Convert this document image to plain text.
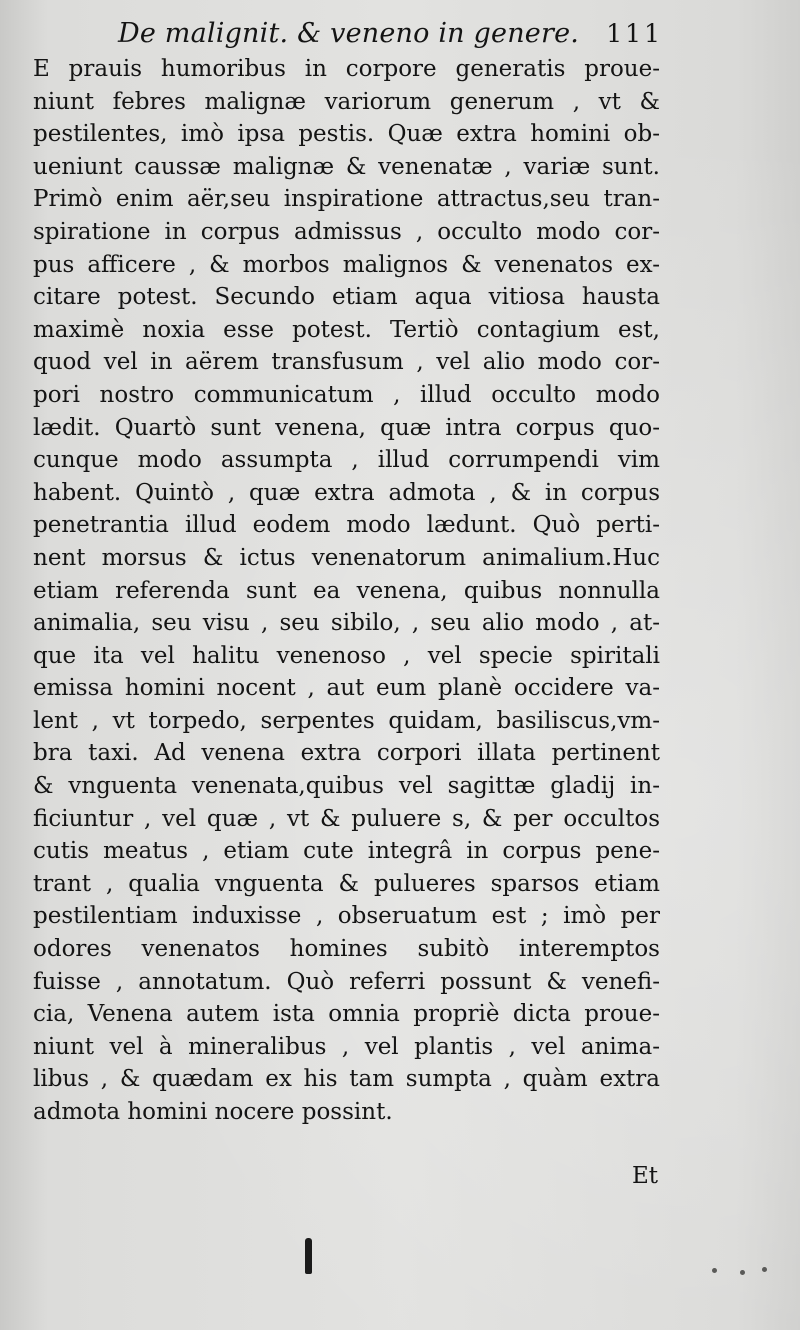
De malignit. & veneno in genere. 111
E prauis humoribus in corpore generatis proue-
niunt febres malignæ variorum generum , vt &
pestilentes, imò ipsa pestis. Quæ extra homini ob-
ueniunt caussæ malignæ & venenatæ , variæ sunt.
Primò enim aër,seu inspiratione attractus,seu tran-
spiratione in corpus admissus , occulto modo cor-
pus afficere , & morbos malignos & venenatos ex-
citare potest. Secundo etiam aqua vitiosa hausta
maximè noxia esse potest. Tertiò contagium est,
quod vel in aërem transfusum , vel alio modo cor-
pori nostro communicatum , illud occulto modo
lædit. Quartò sunt venena, quæ intra corpus quo-
cunque modo assumpta , illud corrumpendi vim
habent. Quintò , quæ extra admota , & in corpus
penetrantia illud eodem modo lædunt. Quò perti-
nent morsus & ictus venenatorum animalium.Huc
etiam referenda sunt ea venena, quibus nonnulla
animalia, seu visu , seu sibilo, , seu alio modo , at-
que ita vel halitu venenoso , vel specie spiritali
emissa homini nocent , aut eum planè occidere va-
lent , vt torpedo, serpentes quidam, basiliscus,vm-
bra taxi. Ad venena extra corpori illata pertinent
& vnguenta venenata,quibus vel sagittæ gladij in-
ficiuntur , vel quæ , vt & puluere s, & per occultos
cutis meatus , etiam cute integrâ in corpus pene-
trant , qualia vnguenta & pulueres sparsos etiam
pestilentiam induxisse , obseruatum est ; imò per
odores venenatos homines subitò interemptos
fuisse , annotatum. Quò referri possunt & venefi-
cia, Venena autem ista omnia propriè dicta proue-
niunt vel à mineralibus , vel plantis , vel anima-
libus , & quædam ex his tam sumpta , quàm extra
admota homini nocere possint.
Et
